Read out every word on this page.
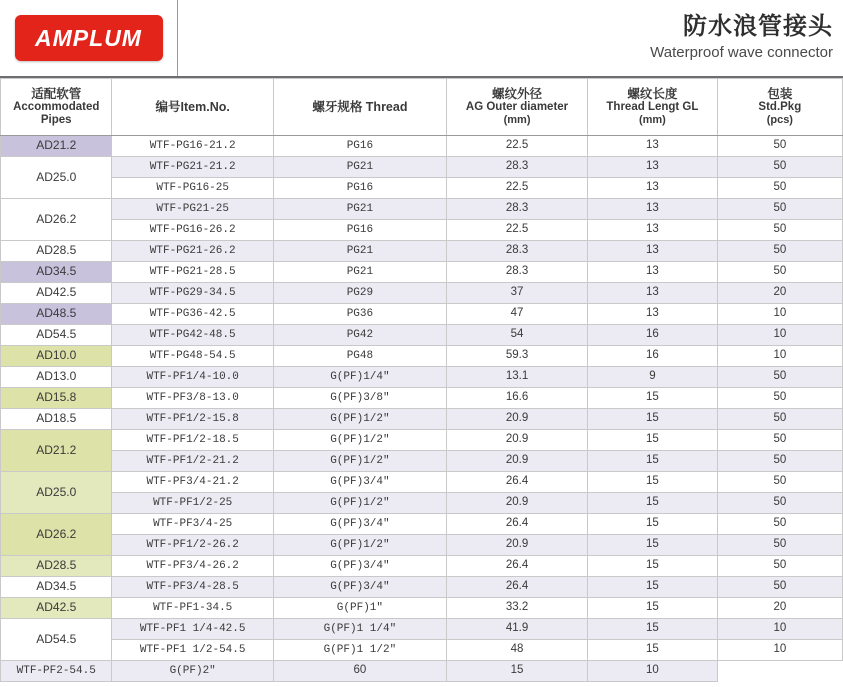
AMPLUM	防水浪管接头
Waterproof wave connector
适配软管
Accommodated
Pipes	编号Item.No.	螺牙规格 Thread	螺纹外径
AG Outer diameter
(mm)	螺纹长度
Thread Lengt GL
(mm)	包装
Std.Pkg
(pcs)

AD21.2	WTF-PG16-21.2	PG16	22.5	13	50
AD25.0	WTF-PG21-21.2	PG21	28.3	13	50
	WTF-PG16-25	PG16	22.5	13	50
AD26.2	WTF-PG21-25	PG21	28.3	13	50
	WTF-PG16-26.2	PG16	22.5	13	50
AD28.5	WTF-PG21-26.2	PG21	28.3	13	50
AD34.5	WTF-PG21-28.5	PG21	28.3	13	50
AD42.5	WTF-PG29-34.5	PG29	37	13	20
AD48.5	WTF-PG36-42.5	PG36	47	13	10
AD54.5	WTF-PG42-48.5	PG42	54	16	10
AD10.0	WTF-PG48-54.5	PG48	59.3	16	10
AD13.0	WTF-PF1/4-10.0	G(PF)1/4″	13.1	9	50
AD15.8	WTF-PF3/8-13.0	G(PF)3/8″	16.6	15	50
AD18.5	WTF-PF1/2-15.8	G(PF)1/2″	20.9	15	50
AD21.2	WTF-PF1/2-18.5	G(PF)1/2″	20.9	15	50
	WTF-PF1/2-21.2	G(PF)1/2″	20.9	15	50
AD25.0	WTF-PF3/4-21.2	G(PF)3/4″	26.4	15	50
	WTF-PF1/2-25	G(PF)1/2″	20.9	15	50
AD26.2	WTF-PF3/4-25	G(PF)3/4″	26.4	15	50
	WTF-PF1/2-26.2	G(PF)1/2″	20.9	15	50
AD28.5	WTF-PF3/4-26.2	G(PF)3/4″	26.4	15	50
AD34.5	WTF-PF3/4-28.5	G(PF)3/4″	26.4	15	50
AD42.5	WTF-PF1-34.5	G(PF)1″	33.2	15	20
AD54.5	WTF-PF1 1/4-42.5	G(PF)1 1/4″	41.9	15	10
	WTF-PF1 1/2-54.5	G(PF)1 1/2″	48	15	10
WTF-PF2-54.5	G(PF)2″	60	15	10	
